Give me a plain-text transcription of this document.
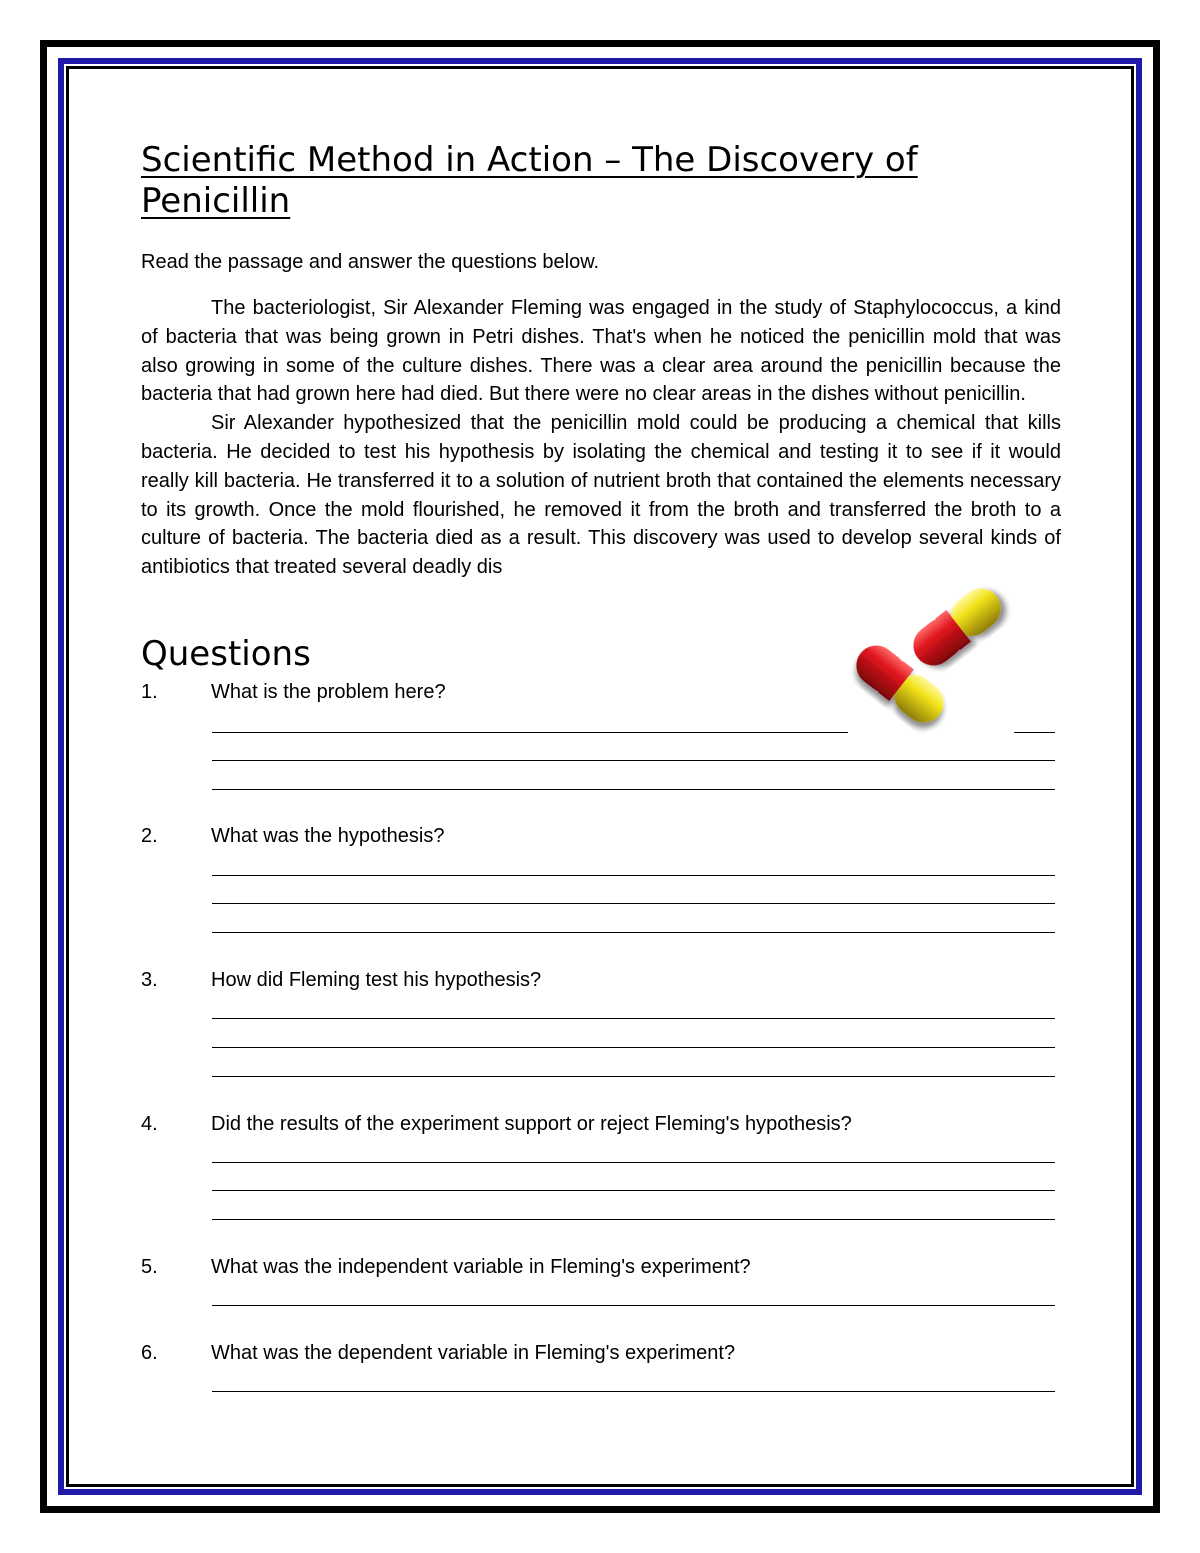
Scientific Method in Action – The Discovery of Penicillin

Read the passage and answer the questions below.

The bacteriologist, Sir Alexander Fleming was engaged in the study of Staphylococcus, a kind of bacteria that was being grown in Petri dishes. That's when he noticed the penicillin mold that was also growing in some of the culture dishes. There was a clear area around the penicillin because the bacteria that had grown here had died. But there were no clear areas in the dishes without penicillin.

Sir Alexander hypothesized that the penicillin mold could be producing a chemical that kills bacteria. He decided to test his hypothesis by isolating the chemical and testing it to see if it would really kill bacteria. He transferred it to a solution of nutrient broth that contained the elements necessary to its growth. Once the mold flourished, he removed it from the broth and transferred the broth to a culture of bacteria. The bacteria died as a result. This discovery was used to develop several kinds of antibiotics that treated several deadly dis

Questions
1.	What is the problem here?
2.	What was the hypothesis?
3.	How did Fleming test his hypothesis?
4.	Did the results of the experiment support or reject Fleming's hypothesis?
5.	What was the independent variable in Fleming's experiment?
6.	What was the dependent variable in Fleming's experiment?
